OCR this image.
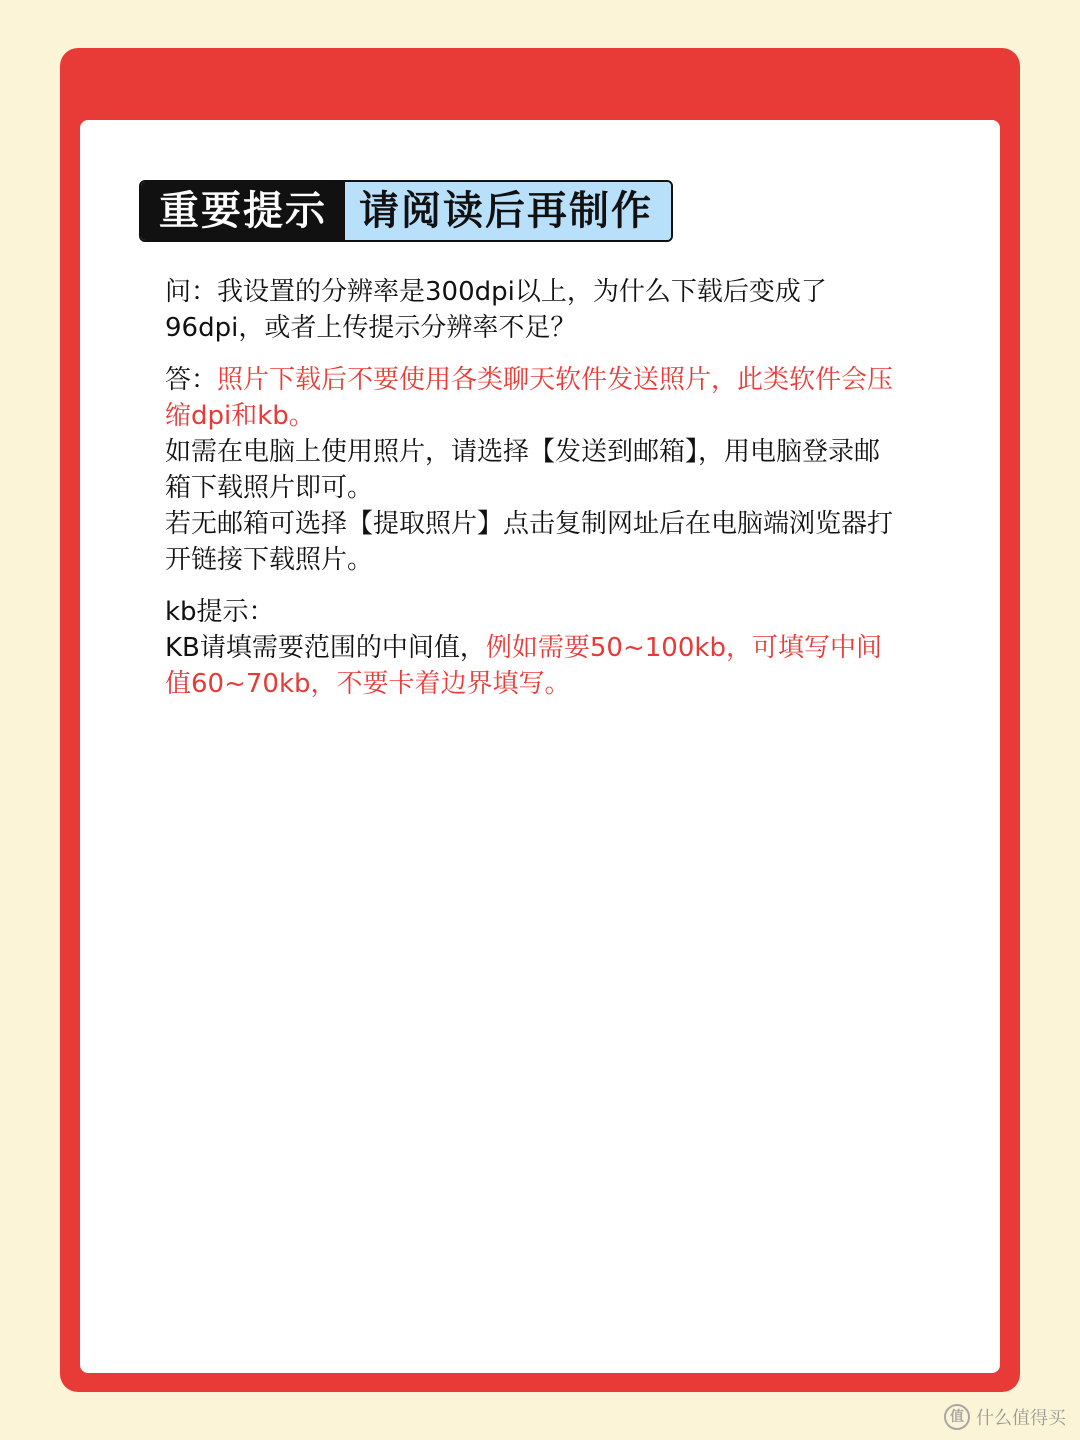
重要提示 请阅读后再制作

问：我设置的分辨率是300dpi以上，为什么下载后变成了96dpi，或者上传提示分辨率不足？

答：照片下载后不要使用各类聊天软件发送照片，此类软件会压缩dpi和kb。

如需在电脑上使用照片，请选择【发送到邮箱】，用电脑登录邮箱下载照片即可。

若无邮箱可选择【提取照片】点击复制网址后在电脑端浏览器打开链接下载照片。

kb提示：

KB请填需要范围的中间值，例如需要50~100kb，可填写中间值60~70kb，不要卡着边界填写。

值 什么值得买
